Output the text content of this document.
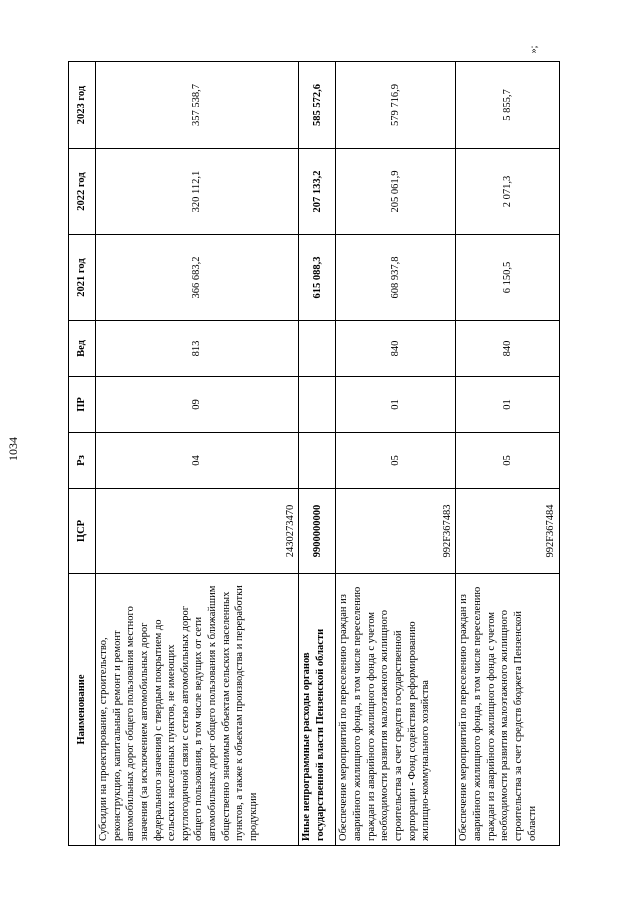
1034
»;
Наименование	ЦСР	Рз	ПР	Вед	2021 год	2022 год	2023 год
Субсидии на проектирование, строительство, реконструкцию, капитальный ремонт и ремонт автомобильных дорог общего пользования местного значения (за исключением автомобильных дорог федерального значения) с твердым покрытием до сельских населенных пунктов, не имеющих круглогодичной связи с сетью автомобильных дорог общего пользования, в том числе ведущих от сети автомобильных дорог общего пользования к ближайшим общественно значимым объектам сельских населенных пунктов, а также к объектам производства и переработки продукции	2430273470	04	09	813	366 683,2	320 112,1	357 538,7
Иные непрограммные расходы органов государственной власти Пензенской области	9900000000				615 088,3	207 133,2	585 572,6
Обеспечение мероприятий по переселению граждан из аварийного жилищного фонда, в том числе переселению граждан из аварийного жилищного фонда с учетом необходимости развития малоэтажного жилищного строительства за счет средств государственной корпорации - Фонд содействия реформированию жилищно-коммунального хозяйства	992F367483	05	01	840	608 937,8	205 061,9	579 716,9
Обеспечение мероприятий по переселению граждан из аварийного жилищного фонда, в том числе переселению граждан из аварийного жилищного фонда с учетом необходимости развития малоэтажного жилищного строительства за счет средств бюджета Пензенской области	992F367484	05	01	840	6 150,5	2 071,3	5 855,7
